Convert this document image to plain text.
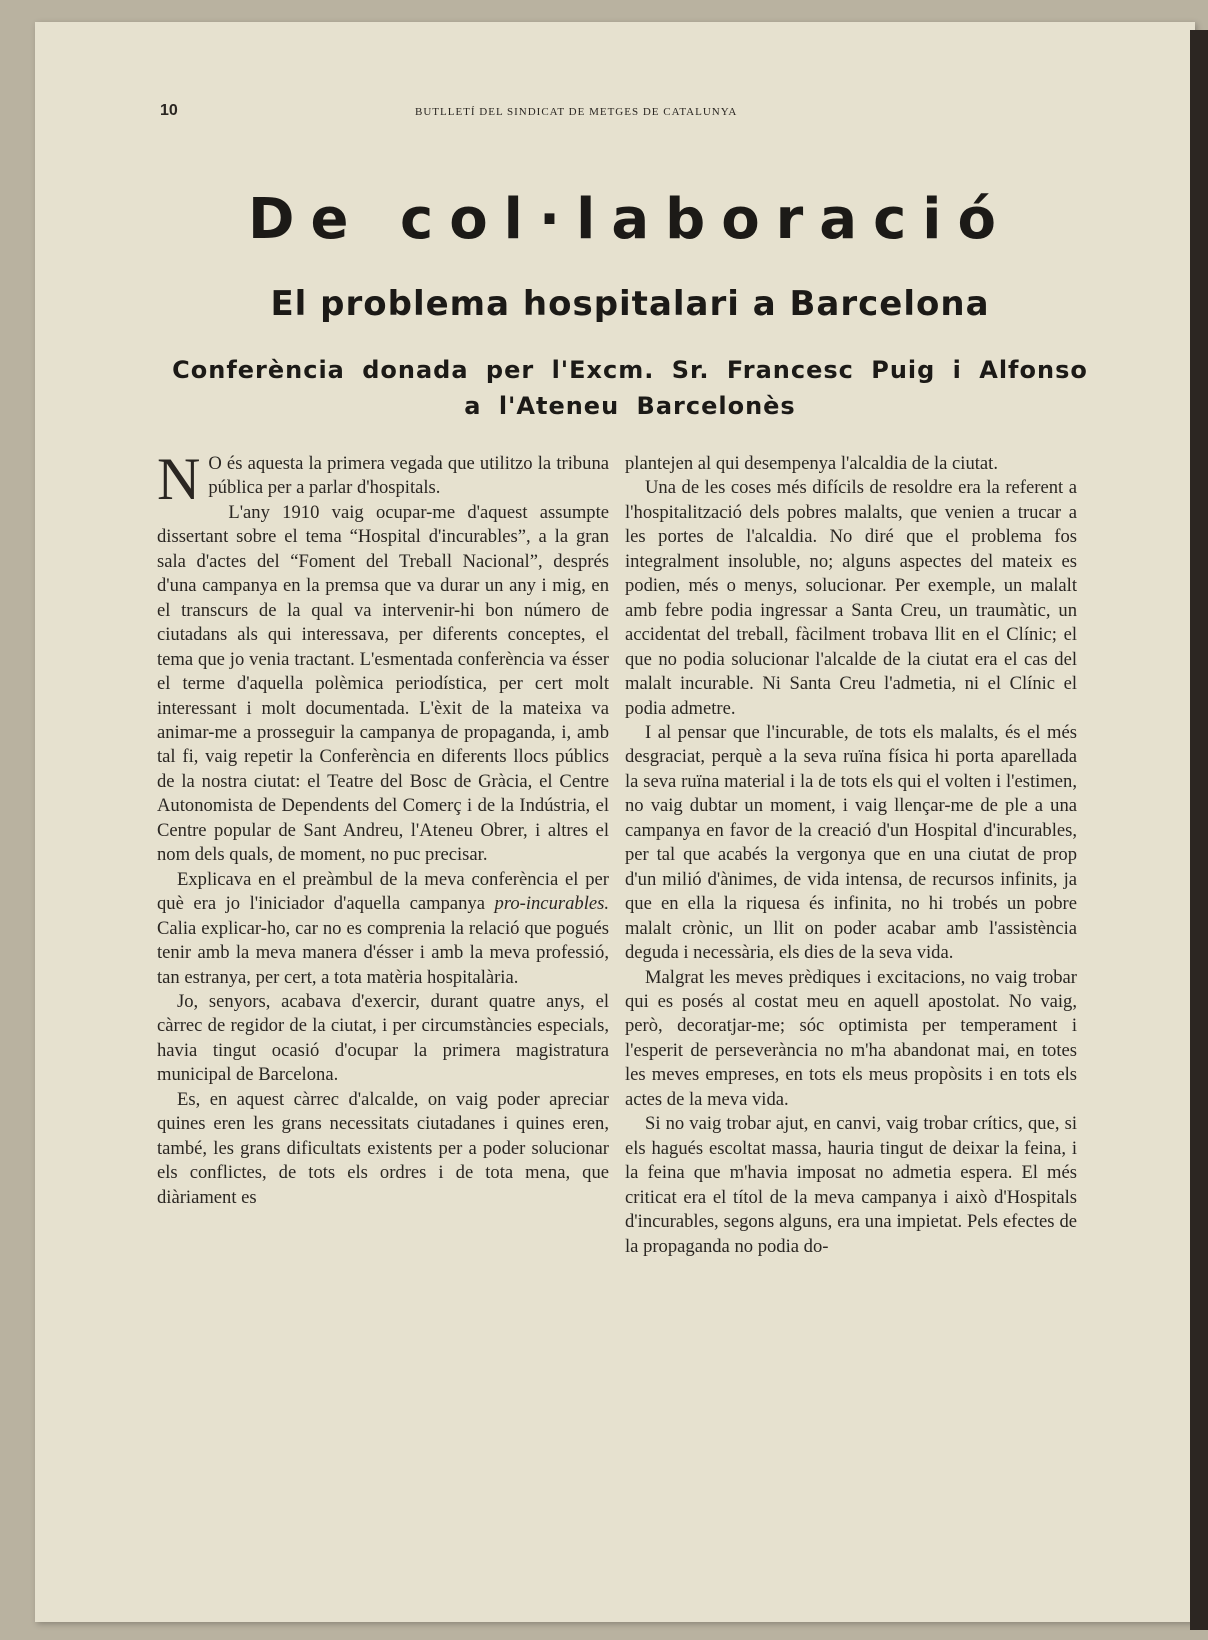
10	BUTLLETÍ DEL SINDICAT DE METGES DE CATALUNYA
De col·laboració
El problema hospitalari a Barcelona
Conferència donada per l'Excm. Sr. Francesc Puig i Alfonso
a l'Ateneu Barcelonès

N O és aquesta la primera vegada que utilitzo la tribuna pública per a parlar d'hospitals.

L'any 1910 vaig ocupar-me d'aquest assumpte dissertant sobre el tema “Hospital d'incurables”, a la gran sala d'actes del “Foment del Treball Nacional”, després d'una campanya en la premsa que va durar un any i mig, en el transcurs de la qual va intervenir-hi bon número de ciutadans als qui interessava, per diferents conceptes, el tema que jo venia tractant. L'esmentada conferència va ésser el terme d'aquella polèmica periodística, per cert molt interessant i molt documentada. L'èxit de la mateixa va animar-me a prosseguir la campanya de propaganda, i, amb tal fi, vaig repetir la Conferència en diferents llocs públics de la nostra ciutat: el Teatre del Bosc de Gràcia, el Centre Autonomista de Dependents del Comerç i de la Indústria, el Centre popular de Sant Andreu, l'Ateneu Obrer, i altres el nom dels quals, de moment, no puc precisar.

Explicava en el preàmbul de la meva conferència el per què era jo l'iniciador d'aquella campanya pro-incurables. Calia explicar-ho, car no es comprenia la relació que pogués tenir amb la meva manera d'ésser i amb la meva professió, tan estranya, per cert, a tota matèria hospitalària.

Jo, senyors, acabava d'exercir, durant quatre anys, el càrrec de regidor de la ciutat, i per circumstàncies especials, havia tingut ocasió d'ocupar la primera magistratura municipal de Barcelona.

Es, en aquest càrrec d'alcalde, on vaig poder apreciar quines eren les grans necessitats ciutadanes i quines eren, també, les grans dificultats existents per a poder solucionar els conflictes, de tots els ordres i de tota mena, que diàriament es

plantejen al qui desempenya l'alcaldia de la ciutat.

Una de les coses més difícils de resoldre era la referent a l'hospitalització dels pobres malalts, que venien a trucar a les portes de l'alcaldia. No diré que el problema fos integralment insoluble, no; alguns aspectes del mateix es podien, més o menys, solucionar. Per exemple, un malalt amb febre podia ingressar a Santa Creu, un traumàtic, un accidentat del treball, fàcilment trobava llit en el Clínic; el que no podia solucionar l'alcalde de la ciutat era el cas del malalt incurable. Ni Santa Creu l'admetia, ni el Clínic el podia admetre.

I al pensar que l'incurable, de tots els malalts, és el més desgraciat, perquè a la seva ruïna física hi porta aparellada la seva ruïna material i la de tots els qui el volten i l'estimen, no vaig dubtar un moment, i vaig llençar-me de ple a una campanya en favor de la creació d'un Hospital d'incurables, per tal que acabés la vergonya que en una ciutat de prop d'un milió d'ànimes, de vida intensa, de recursos infinits, ja que en ella la riquesa és infinita, no hi trobés un pobre malalt crònic, un llit on poder acabar amb l'assistència deguda i necessària, els dies de la seva vida.

Malgrat les meves prèdiques i excitacions, no vaig trobar qui es posés al costat meu en aquell apostolat. No vaig, però, decoratjar-me; sóc optimista per temperament i l'esperit de perseverància no m'ha abandonat mai, en totes les meves empreses, en tots els meus propòsits i en tots els actes de la meva vida.

Si no vaig trobar ajut, en canvi, vaig trobar crítics, que, si els hagués escoltat massa, hauria tingut de deixar la feina, i la feina que m'havia imposat no admetia espera. El més criticat era el títol de la meva campanya i això d'Hospitals d'incurables, segons alguns, era una impietat. Pels efectes de la propaganda no podia do-
